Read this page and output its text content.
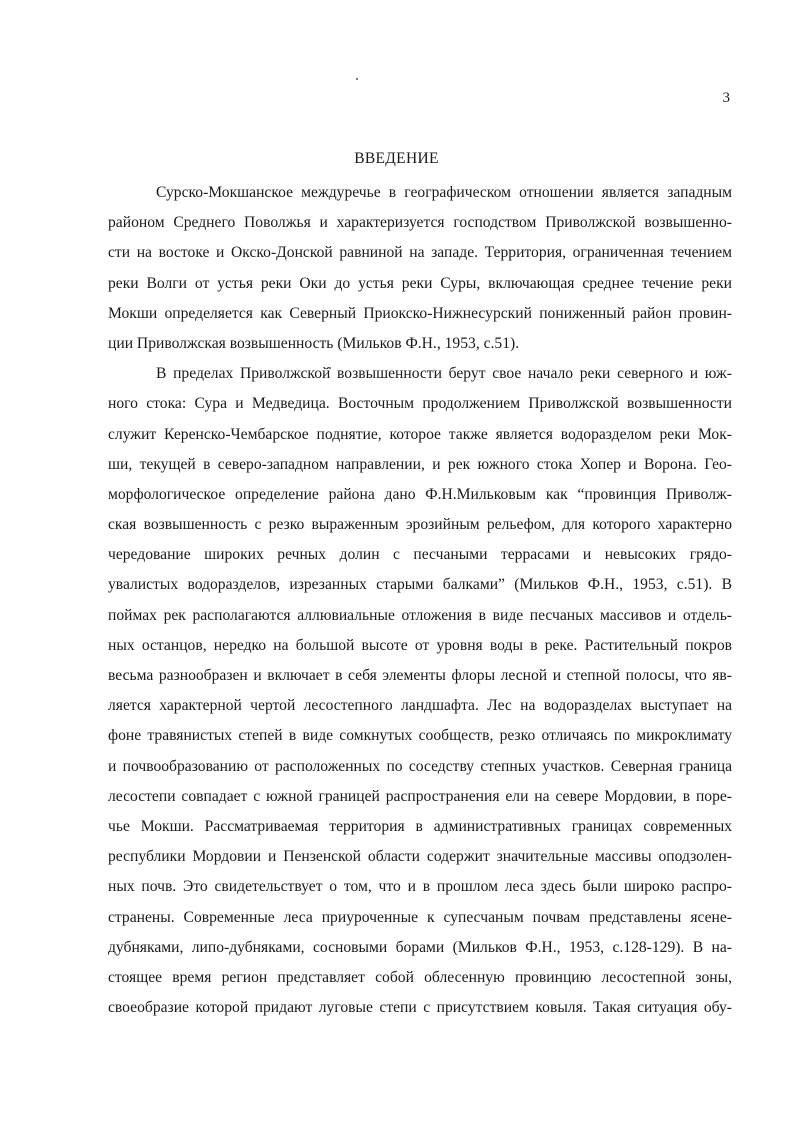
3
ВВЕДЕНИЕ
Сурско-Мокшанское междуречье в географическом отношении является западным
районом Среднего Поволжья и характеризуется господством Приволжской возвышенно-
сти на востоке и Окско-Донской равниной на западе. Территория, ограниченная течением
реки Волги от устья реки Оки до устья реки Суры, включающая среднее течение реки
Мокши определяется как Северный Приокско-Нижнесурский пониженный район провин-
ции Приволжская возвышенность (Мильков Ф.Н., 1953, с.51).
В пределах Приволжской возвышенности берут свое начало реки северного и юж-
ного стока: Сура и Медведица. Восточным продолжением Приволжской возвышенности
служит Керенско-Чембарское поднятие, которое также является водоразделом реки Мок-
ши, текущей в северо-западном направлении, и рек южного стока Хопер и Ворона. Гео-
морфологическое определение района дано Ф.Н.Мильковым как “провинция Приволж-
ская возвышенность с резко выраженным эрозийным рельефом, для которого характерно
чередование широких речных долин с песчаными террасами и невысоких грядо-
увалистых водоразделов, изрезанных старыми балками” (Мильков Ф.Н., 1953, с.51). В
поймах рек располагаются аллювиальные отложения в виде песчаных массивов и отдель-
ных останцов, нередко на большой высоте от уровня воды в реке. Растительный покров
весьма разнообразен и включает в себя элементы флоры лесной и степной полосы, что яв-
ляется характерной чертой лесостепного ландшафта. Лес на водоразделах выступает на
фоне травянистых степей в виде сомкнутых сообществ, резко отличаясь по микроклимату
и почвообразованию от расположенных по соседству степных участков. Северная граница
лесостепи совпадает с южной границей распространения ели на севере Мордовии, в поре-
чье Мокши. Рассматриваемая территория в административных границах современных
республики Мордовии и Пензенской области содержит значительные массивы оподзолен-
ных почв. Это свидетельствует о том, что и в прошлом леса здесь были широко распро-
странены. Современные леса приуроченные к супесчаным почвам представлены ясене-
дубняками, липо-дубняками, сосновыми борами (Мильков Ф.Н., 1953, с.128-129). В на-
стоящее время регион представляет собой облесенную провинцию лесостепной зоны,
своеобразие которой придают луговые степи с присутствием ковыля. Такая ситуация обу-
